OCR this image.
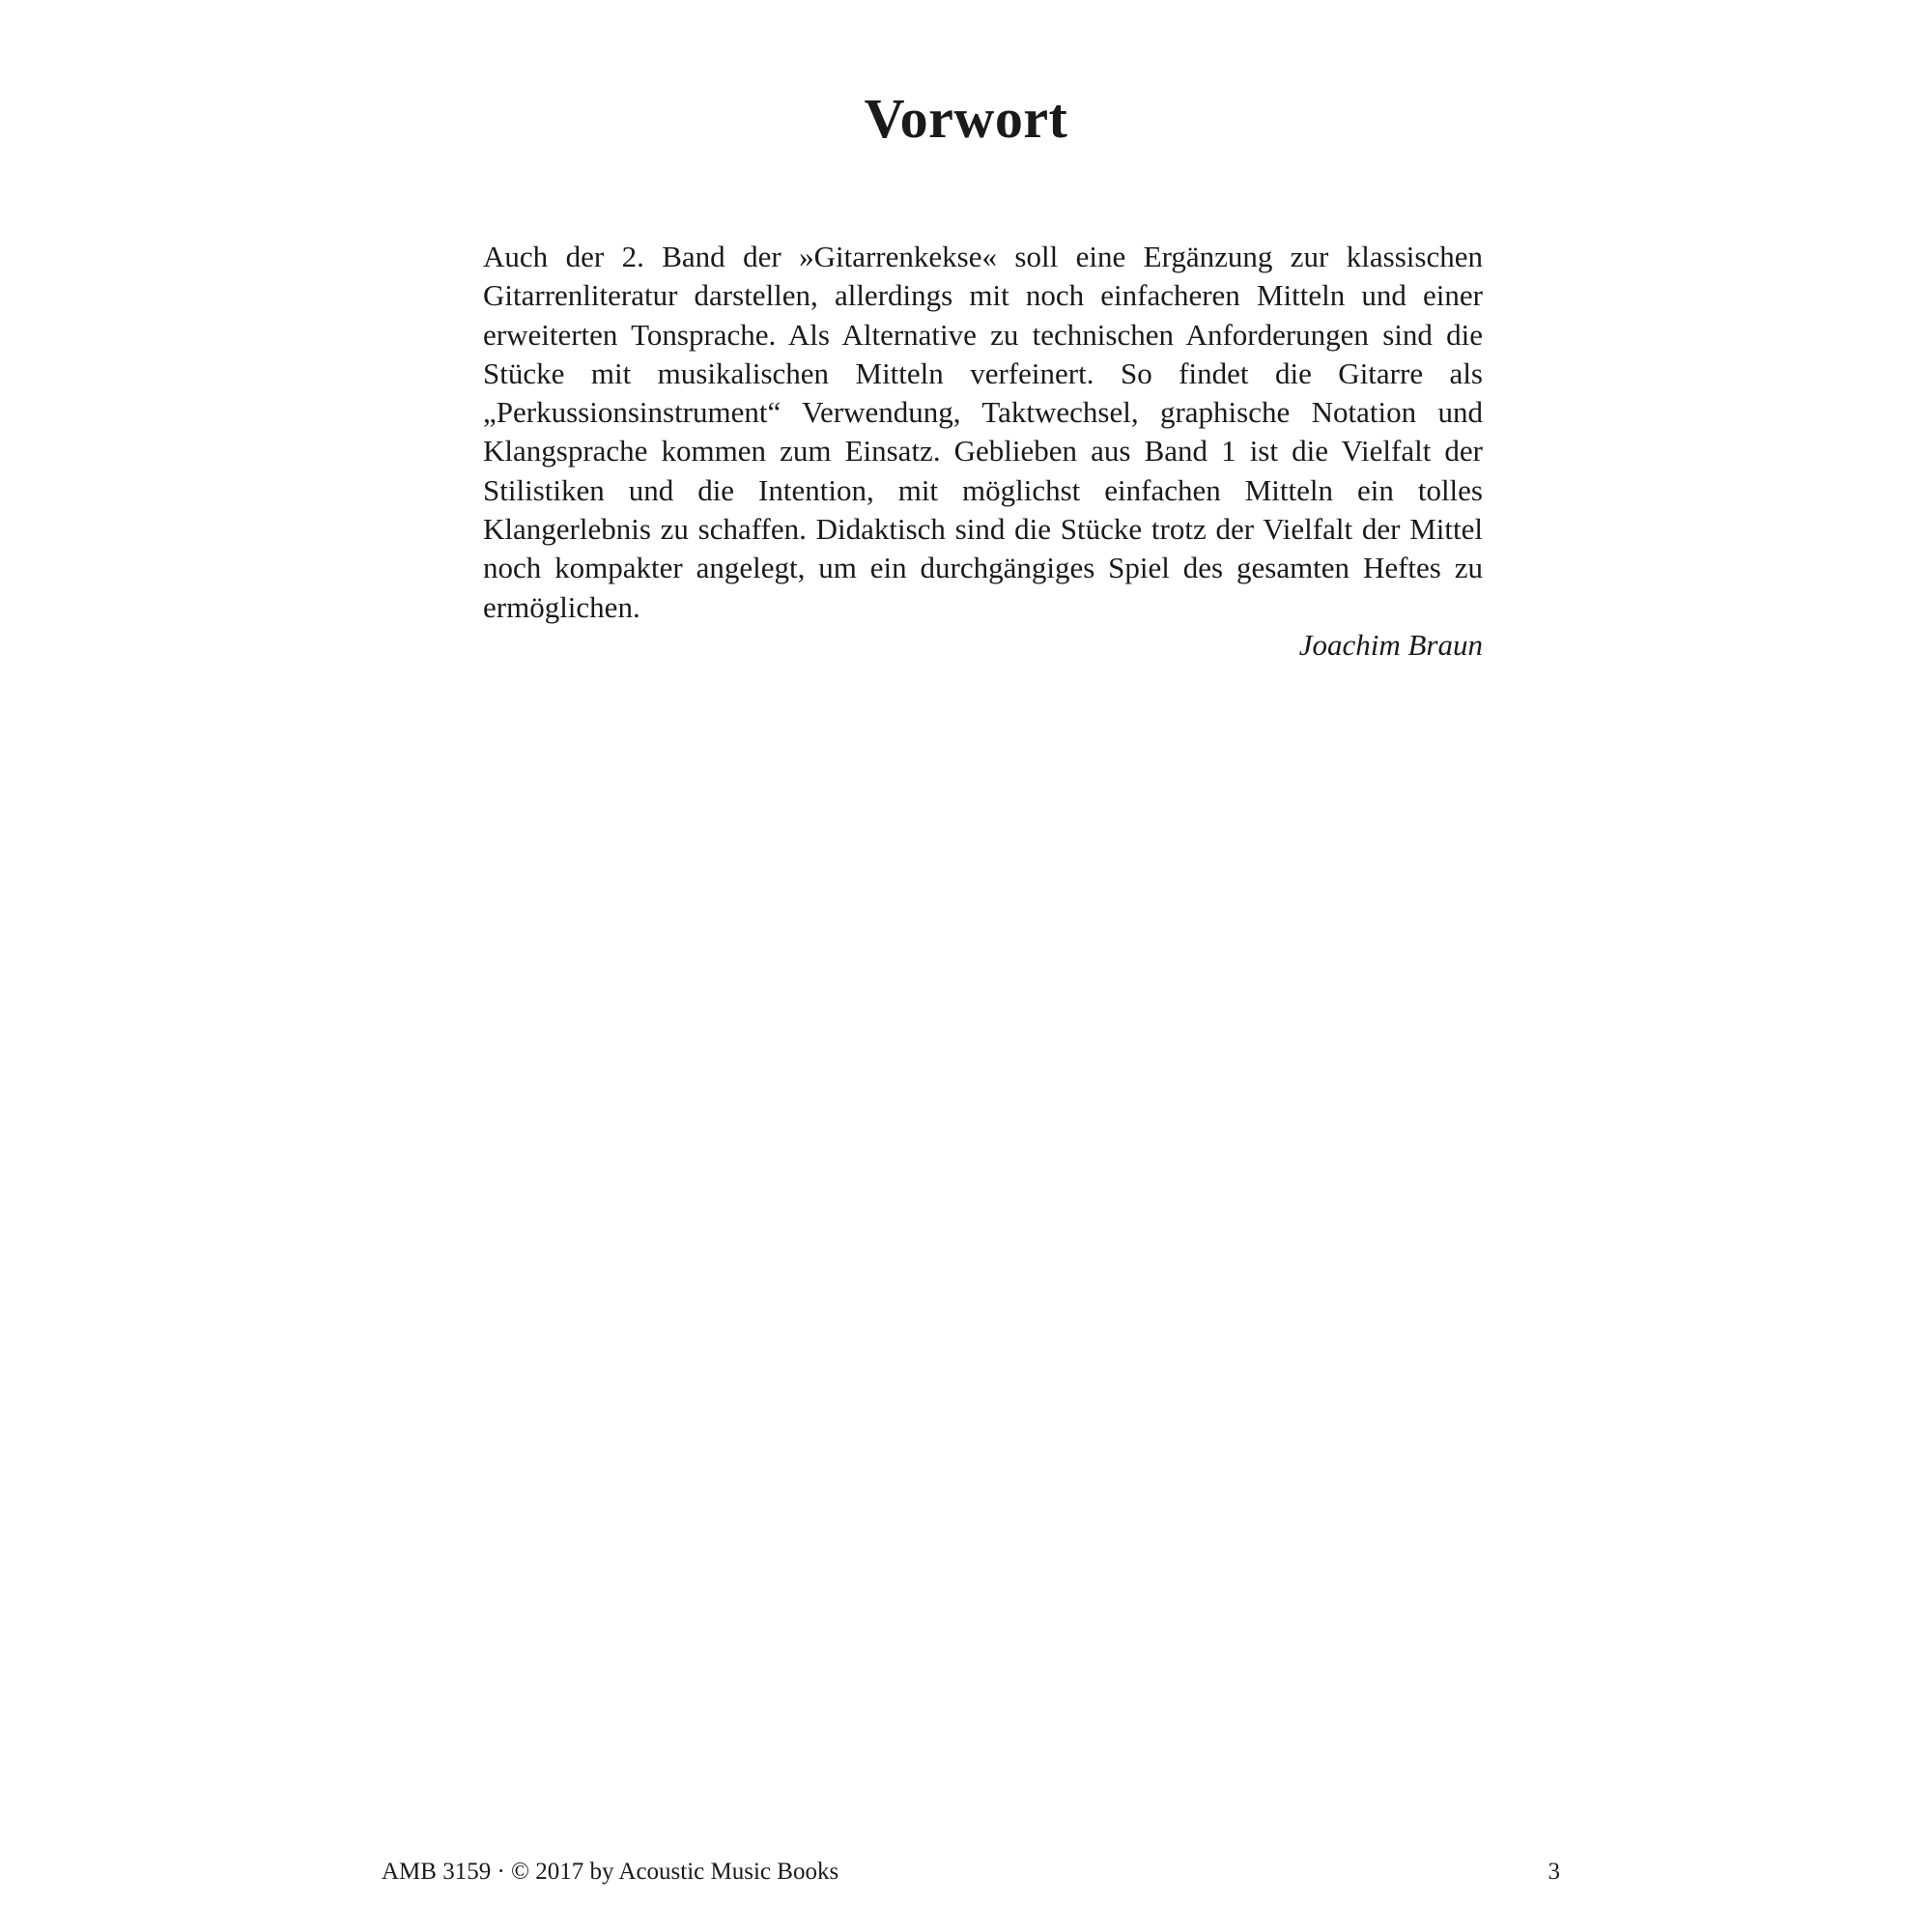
Vorwort

Auch der 2. Band der »Gitarrenkekse« soll eine Ergänzung zur klassischen Gitarrenliteratur darstellen, allerdings mit noch einfacheren Mitteln und einer erweiterten Tonsprache. Als Alternative zu technischen Anforderungen sind die Stücke mit musikalischen Mitteln verfeinert. So findet die Gitarre als „Perkussionsinstrument“ Verwendung, Taktwechsel, graphische Notation und Klangsprache kommen zum Einsatz. Geblieben aus Band 1 ist die Vielfalt der Stilistiken und die Intention, mit möglichst einfachen Mitteln ein tolles Klangerlebnis zu schaffen. Didaktisch sind die Stücke trotz der Vielfalt der Mittel noch kompakter angelegt, um ein durchgängiges Spiel des gesamten Heftes zu ermöglichen.

Joachim Braun

AMB 3159 · © 2017 by Acoustic Music Books	3
